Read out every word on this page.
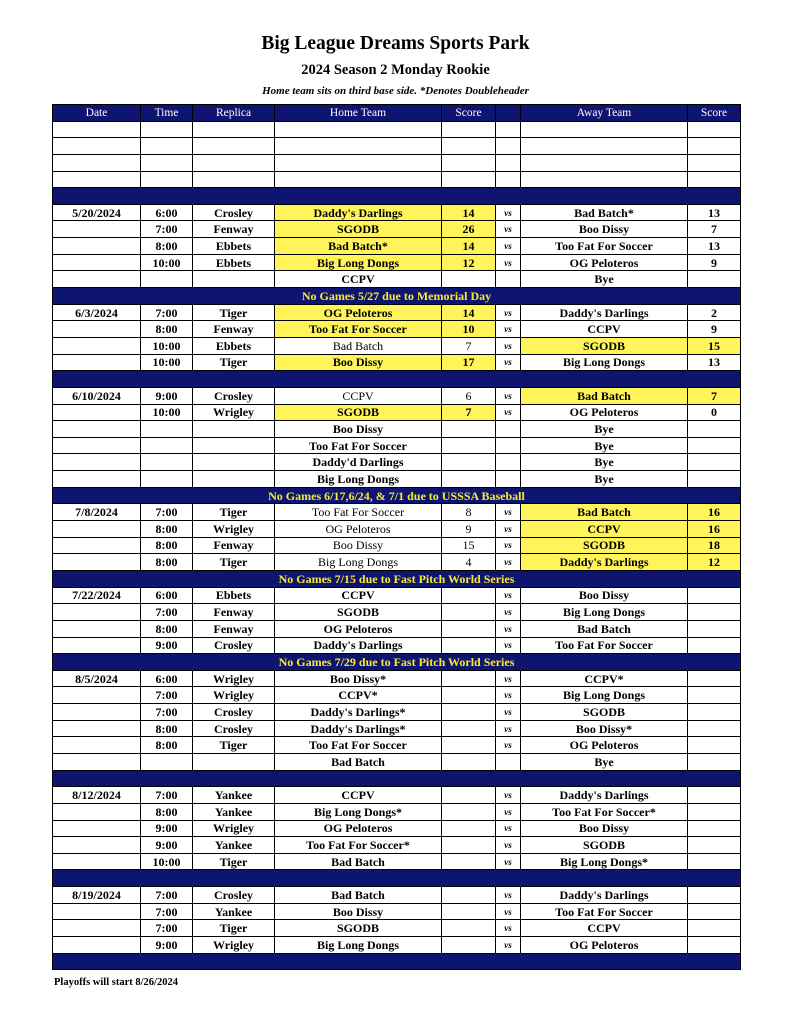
Big League Dreams Sports Park
2024 Season 2 Monday Rookie
Home team sits on third base side. *Denotes Doubleheader
Date	Time	Replica	Home Team	Score		Away Team	Score

5/20/2024	6:00	Crosley	Daddy's Darlings	14	vs	Bad Batch*	13
	7:00	Fenway	SGODB	26	vs	Boo Dissy	7
	8:00	Ebbets	Bad Batch*	14	vs	Too Fat For Soccer	13
	10:00	Ebbets	Big Long Dongs	12	vs	OG Peloteros	9
			CCPV			Bye	
No Games 5/27 due to Memorial Day							
6/3/2024	7:00	Tiger	OG Peloteros	14	vs	Daddy's Darlings	2
	8:00	Fenway	Too Fat For Soccer	10	vs	CCPV	9
	10:00	Ebbets	Bad Batch	7	vs	SGODB	15
	10:00	Tiger	Boo Dissy	17	vs	Big Long Dongs	13

6/10/2024	9:00	Crosley	CCPV	6	vs	Bad Batch	7
	10:00	Wrigley	SGODB	7	vs	OG Peloteros	0
			Boo Dissy			Bye	
			Too Fat For Soccer			Bye	
			Daddy'd Darlings			Bye	
			Big Long Dongs			Bye	
No Games 6/17,6/24, & 7/1 due to USSSA Baseball							
7/8/2024	7:00	Tiger	Too Fat For Soccer	8	vs	Bad Batch	16
	8:00	Wrigley	OG Peloteros	9	vs	CCPV	16
	8:00	Fenway	Boo Dissy	15	vs	SGODB	18
	8:00	Tiger	Big Long Dongs	4	vs	Daddy's Darlings	12
No Games 7/15 due to Fast Pitch World Series							
7/22/2024	6:00	Ebbets	CCPV		vs	Boo Dissy	
	7:00	Fenway	SGODB		vs	Big Long Dongs	
	8:00	Fenway	OG Peloteros		vs	Bad Batch	
	9:00	Crosley	Daddy's Darlings		vs	Too Fat For Soccer	
No Games 7/29 due to Fast Pitch World Series							
8/5/2024	6:00	Wrigley	Boo Dissy*		vs	CCPV*	
	7:00	Wrigley	CCPV*		vs	Big Long Dongs	
	7:00	Crosley	Daddy's Darlings*		vs	SGODB	
	8:00	Crosley	Daddy's Darlings*		vs	Boo Dissy*	
	8:00	Tiger	Too Fat For Soccer		vs	OG Peloteros	
			Bad Batch			Bye	

8/12/2024	7:00	Yankee	CCPV		vs	Daddy's Darlings	
	8:00	Yankee	Big Long Dongs*		vs	Too Fat For Soccer*	
	9:00	Wrigley	OG Peloteros		vs	Boo Dissy	
	9:00	Yankee	Too Fat For Soccer*		vs	SGODB	
	10:00	Tiger	Bad Batch		vs	Big Long Dongs*	

8/19/2024	7:00	Crosley	Bad Batch		vs	Daddy's Darlings	
	7:00	Yankee	Boo Dissy		vs	Too Fat For Soccer	
	7:00	Tiger	SGODB		vs	CCPV	
	9:00	Wrigley	Big Long Dongs		vs	OG Peloteros	

Playoffs will start 8/26/2024
